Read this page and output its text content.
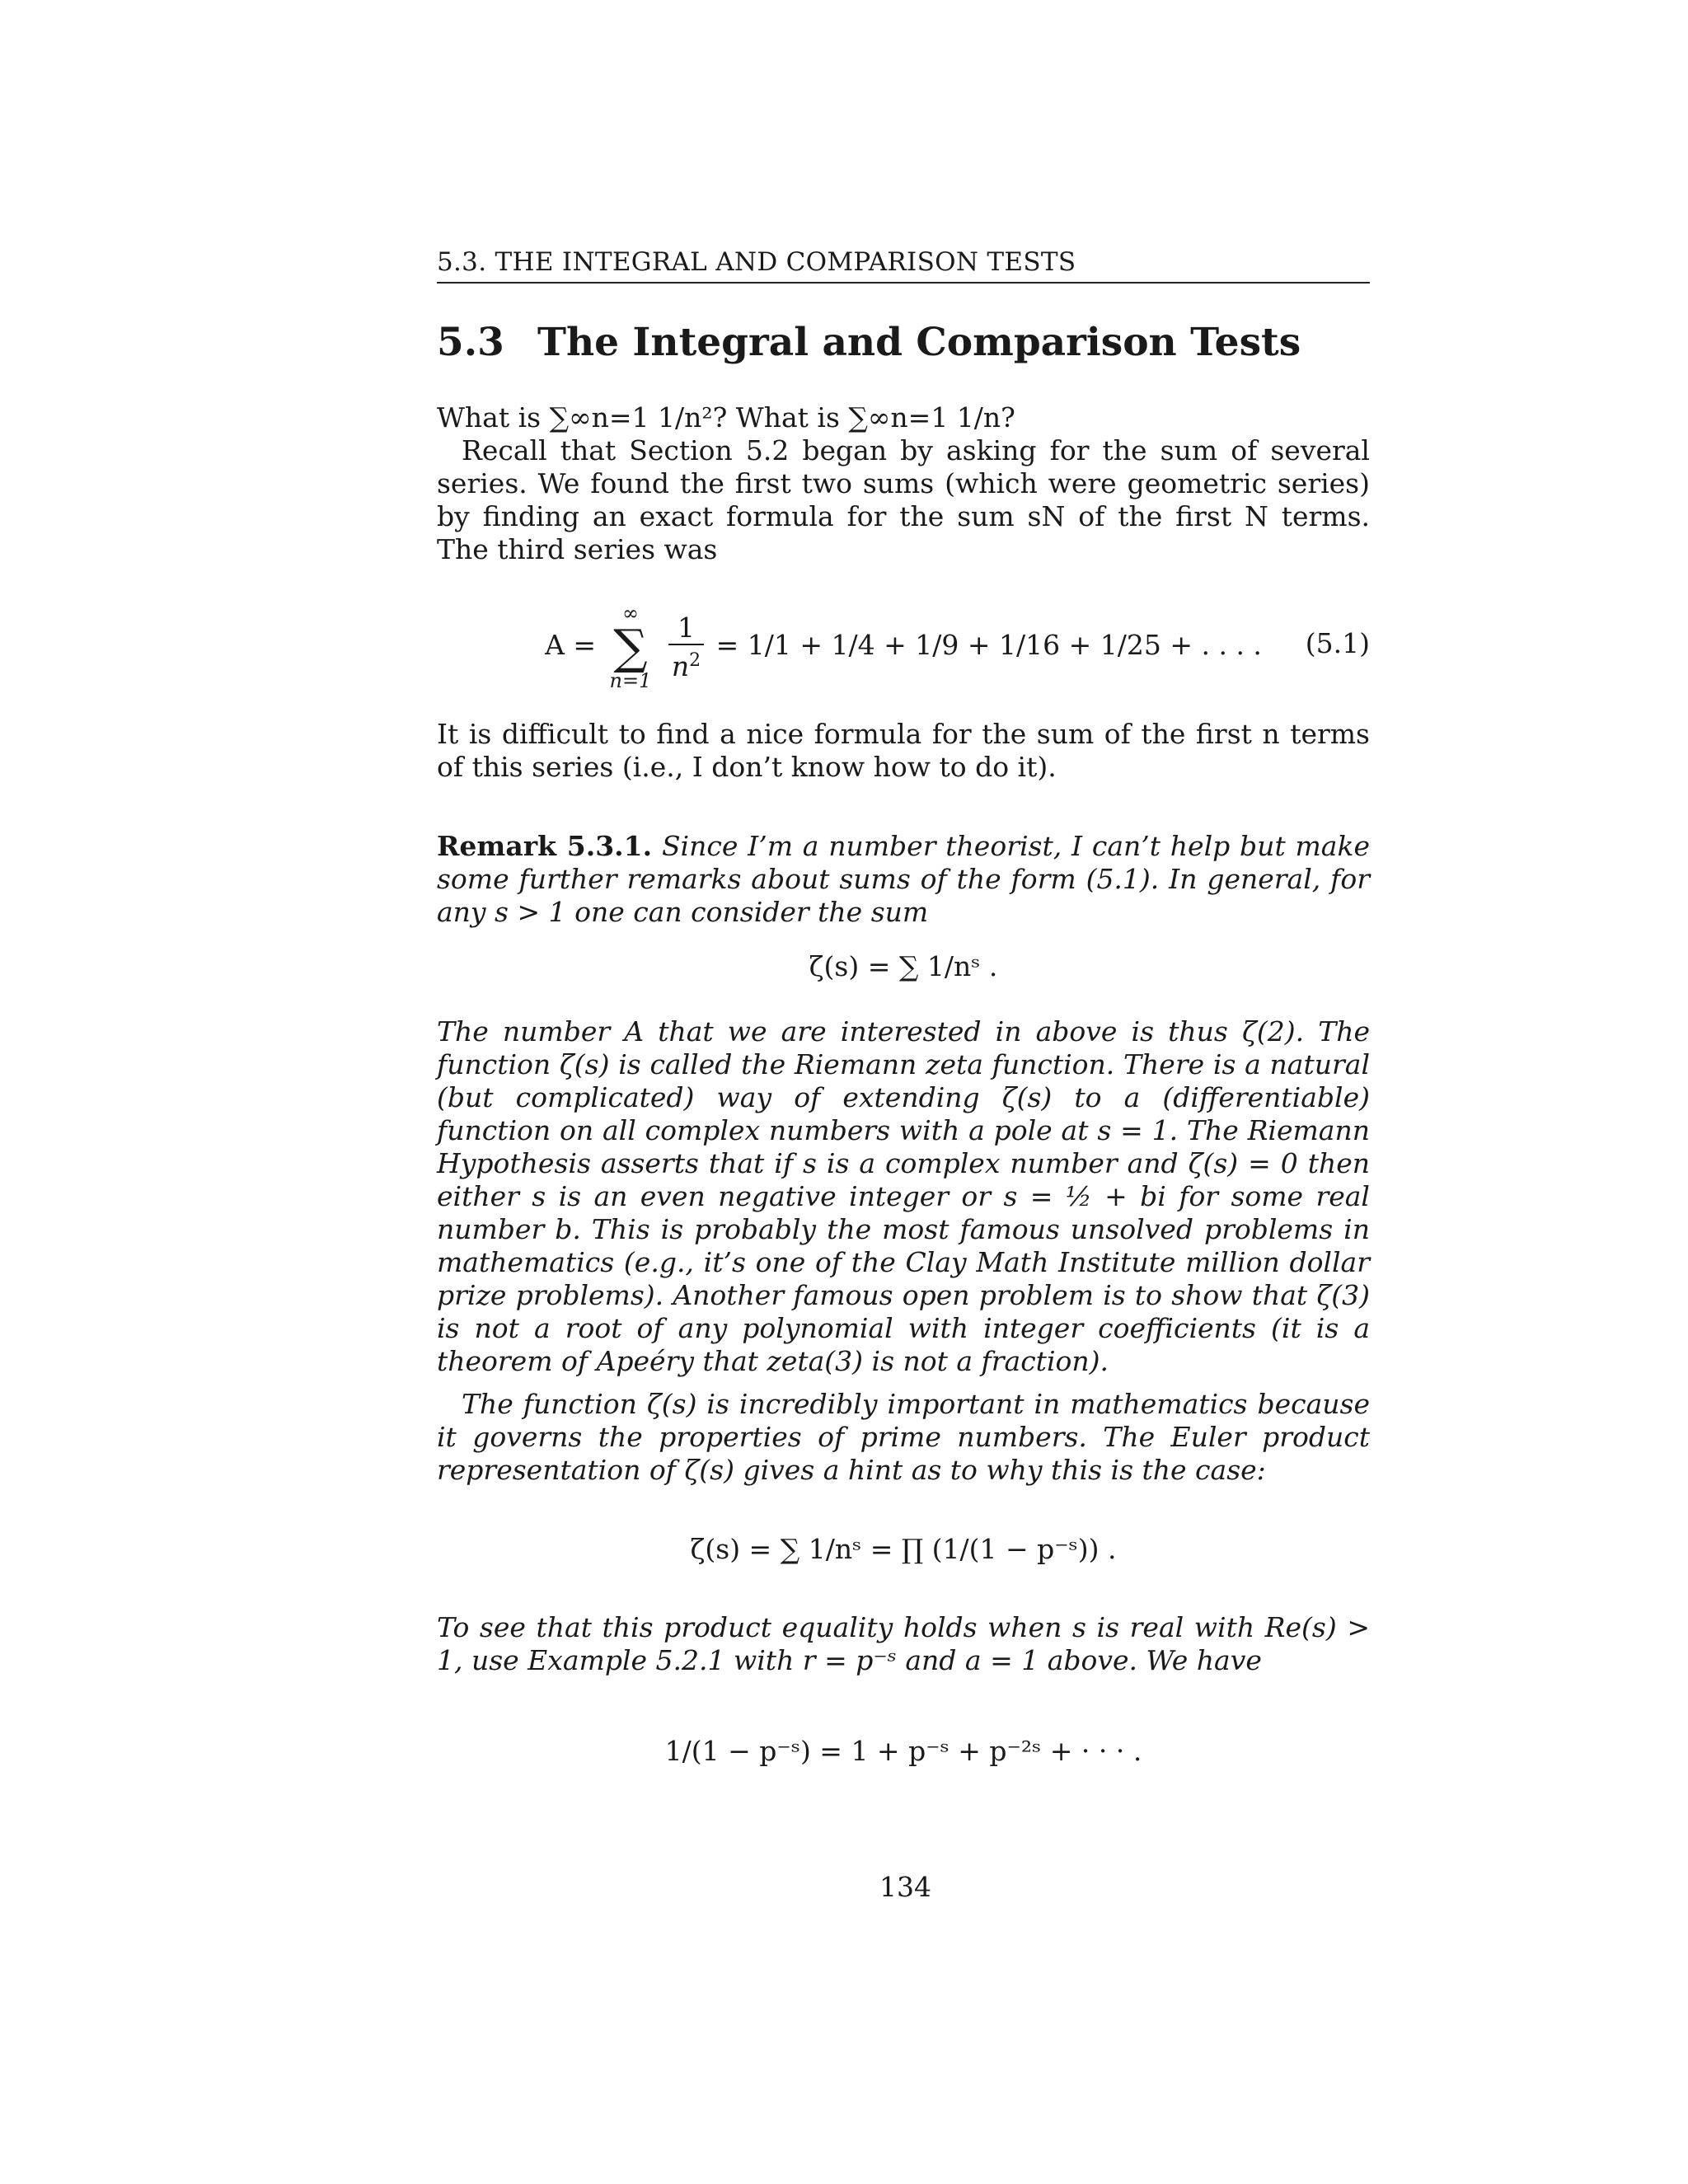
5.3. THE INTEGRAL AND COMPARISON TESTS
5.3 The Integral and Comparison Tests

What is ∑∞n=1 1/n²? What is ∑∞n=1 1/n?

Recall that Section 5.2 began by asking for the sum of several series. We found the first two sums (which were geometric series) by finding an exact formula for the sum sN of the first N terms. The third series was

A =
∞
∑
n=1
$\frac{1}{n^2} = 1/1 + 1/4 + 1/9 + 1/16 + 1/25$ + . . . .	(5.1)

It is difficult to find a nice formula for the sum of the first n terms of this series (i.e., I don’t know how to do it).

Remark 5.3.1. Since I’m a number theorist, I can’t help but make some further remarks about sums of the form (5.1). In general, for any s > 1 one can consider the sum

ζ(s) = ∑ 1/nˢ .

The number A that we are interested in above is thus ζ(2). The function ζ(s) is called the Riemann zeta function. There is a natural (but complicated) way of extending ζ(s) to a (differentiable) function on all complex numbers with a pole at s = 1. The Riemann Hypothesis asserts that if s is a complex number and ζ(s) = 0 then either s is an even negative integer or s = ½ + bi for some real number b. This is probably the most famous unsolved problems in mathematics (e.g., it’s one of the Clay Math Institute million dollar prize problems). Another famous open problem is to show that ζ(3) is not a root of any polynomial with integer coefficients (it is a theorem of Apeéry that zeta(3) is not a fraction).

The function ζ(s) is incredibly important in mathematics because it governs the properties of prime numbers. The Euler product representation of ζ(s) gives a hint as to why this is the case:

ζ(s) = ∑ 1/nˢ = ∏ (1/(1 − p⁻ˢ)) .

To see that this product equality holds when s is real with Re(s) > 1, use Example 5.2.1 with r = p⁻ˢ and a = 1 above. We have

1/(1 − p⁻ˢ) = 1 + p⁻ˢ + p⁻²ˢ + · · · .
134
